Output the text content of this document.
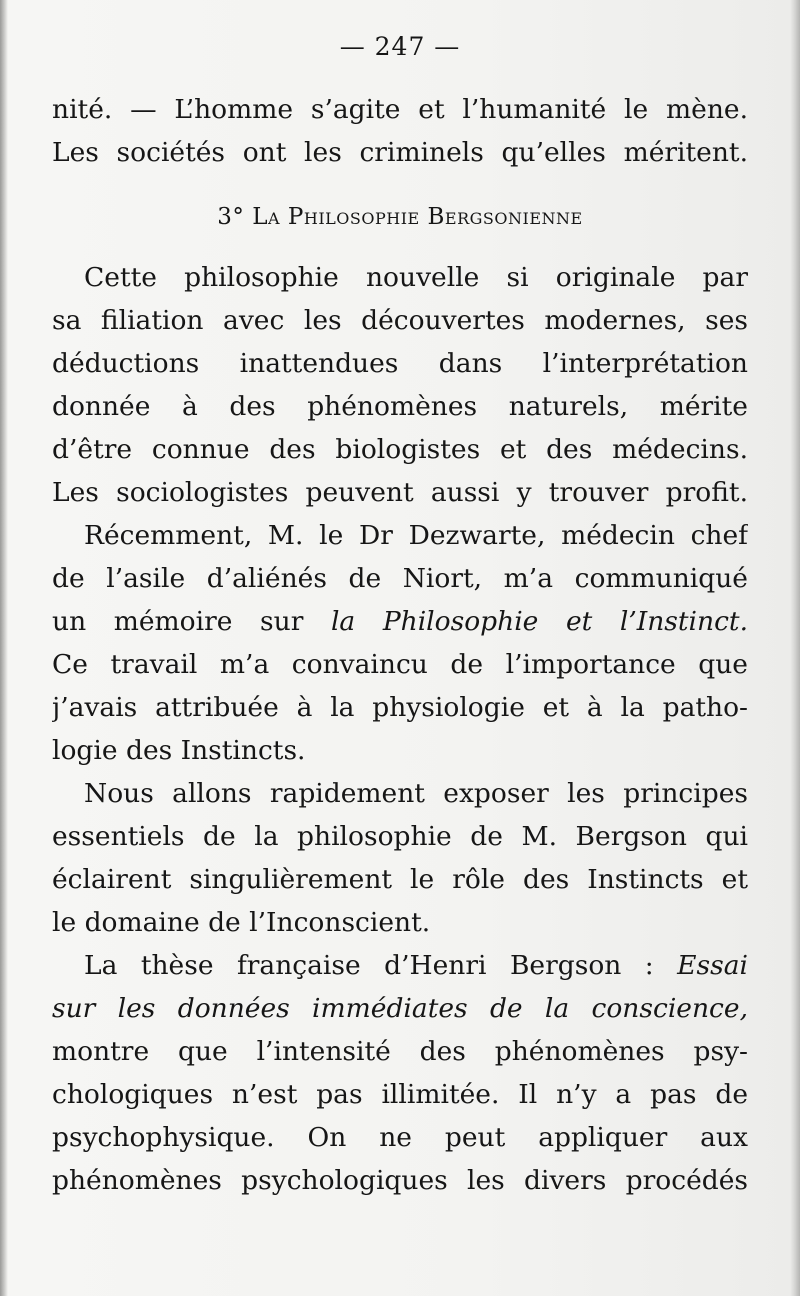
— 247 —
nité. — L’homme s’agite et l’humanité le mène.
Les sociétés ont les criminels qu’elles méritent.
3° La Philosophie Bergsonienne
Cette philosophie nouvelle si originale par
sa filiation avec les découvertes modernes, ses
déductions inattendues dans l’interprétation
donnée à des phénomènes naturels, mérite
d’être connue des biologistes et des médecins.
Les sociologistes peuvent aussi y trouver profit.
Récemment, M. le Dr Dezwarte, médecin chef
de l’asile d’aliénés de Niort, m’a communiqué
un mémoire sur la Philosophie et l’Instinct.
Ce travail m’a convaincu de l’importance que
j’avais attribuée à la physiologie et à la patho-
logie des Instincts.
Nous allons rapidement exposer les principes
essentiels de la philosophie de M. Bergson qui
éclairent singulièrement le rôle des Instincts et
le domaine de l’Inconscient.
La thèse française d’Henri Bergson : Essai
sur les données immédiates de la conscience,
montre que l’intensité des phénomènes psy-
chologiques n’est pas illimitée. Il n’y a pas de
psychophysique. On ne peut appliquer aux
phénomènes psychologiques les divers procédés
